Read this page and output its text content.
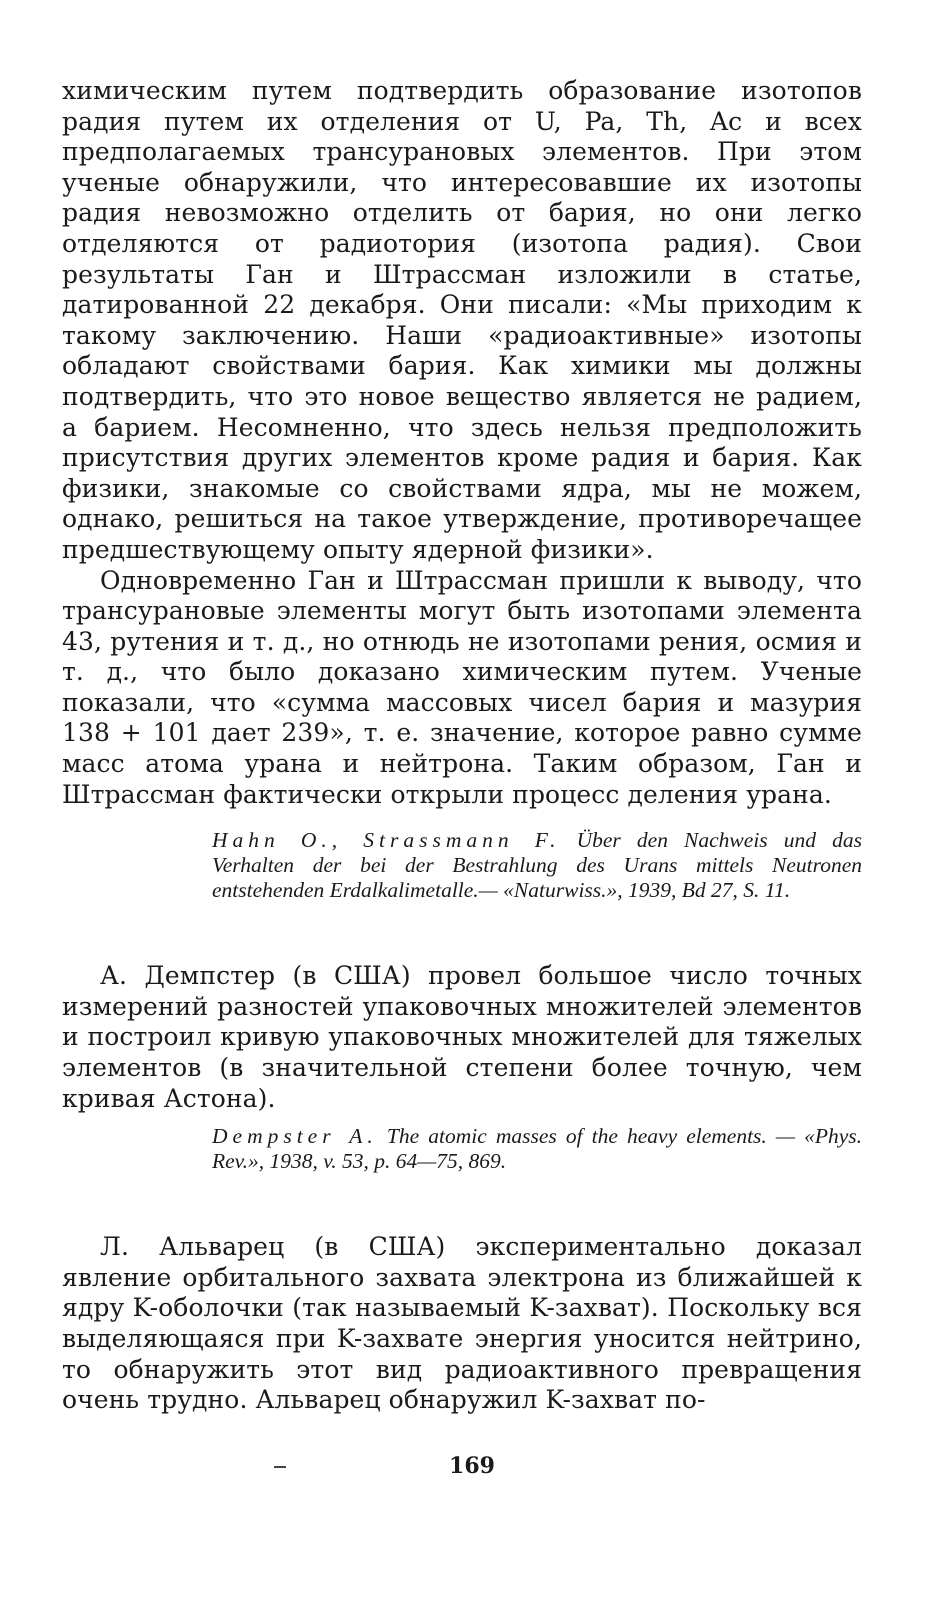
химическим путем подтвердить образование изотопов радия путем их отделения от U, Pa, Th, Ac и всех предполагаемых трансурановых элементов. При этом ученые обнаружили, что интересовавшие их изотопы радия невозможно отделить от бария, но они легко отделяются от радиотория (изотопа радия). Свои результаты Ган и Штрассман изложили в статье, датированной 22 декабря. Они писали: «Мы приходим к такому заключению. Наши «радиоактивные» изотопы обладают свойствами бария. Как химики мы должны подтвердить, что это новое вещество является не радием, а барием. Несомненно, что здесь нельзя предположить присутствия других элементов кроме радия и бария. Как физики, знакомые со свойствами ядра, мы не можем, однако, решиться на такое утверждение, противоречащее предшествующему опыту ядерной физики».

Одновременно Ган и Штрассман пришли к выводу, что трансурановые элементы могут быть изотопами элемента 43, рутения и т. д., но отнюдь не изотопами рения, осмия и т. д., что было доказано химическим путем. Ученые показали, что «сумма массовых чисел бария и мазурия 138 + 101 дает 239», т. е. значение, которое равно сумме масс атома урана и нейтрона. Таким образом, Ган и Штрассман фактически открыли процесс деления урана.

Hahn O., Strassmann F. Über den Nachweis und das Verhalten der bei der Bestrahlung des Urans mittels Neutronen entstehenden Erdalkalimetalle.— «Naturwiss.», 1939, Bd 27, S. 11.

А. Демпстер (в США) провел большое число точных измерений разностей упаковочных множителей элементов и построил кривую упаковочных множителей для тяжелых элементов (в значительной степени более точную, чем кривая Астона).

Dempster A. The atomic masses of the heavy elements. — «Phys. Rev.», 1938, v. 53, p. 64—75, 869.

Л. Альварец (в США) экспериментально доказал явление орбитального захвата электрона из ближайшей к ядру K-оболочки (так называемый K-захват). Поскольку вся выделяющаяся при K-захвате энергия уносится нейтрино, то обнаружить этот вид радиоактивного превращения очень трудно. Альварец обнаружил K-захват по-

169
